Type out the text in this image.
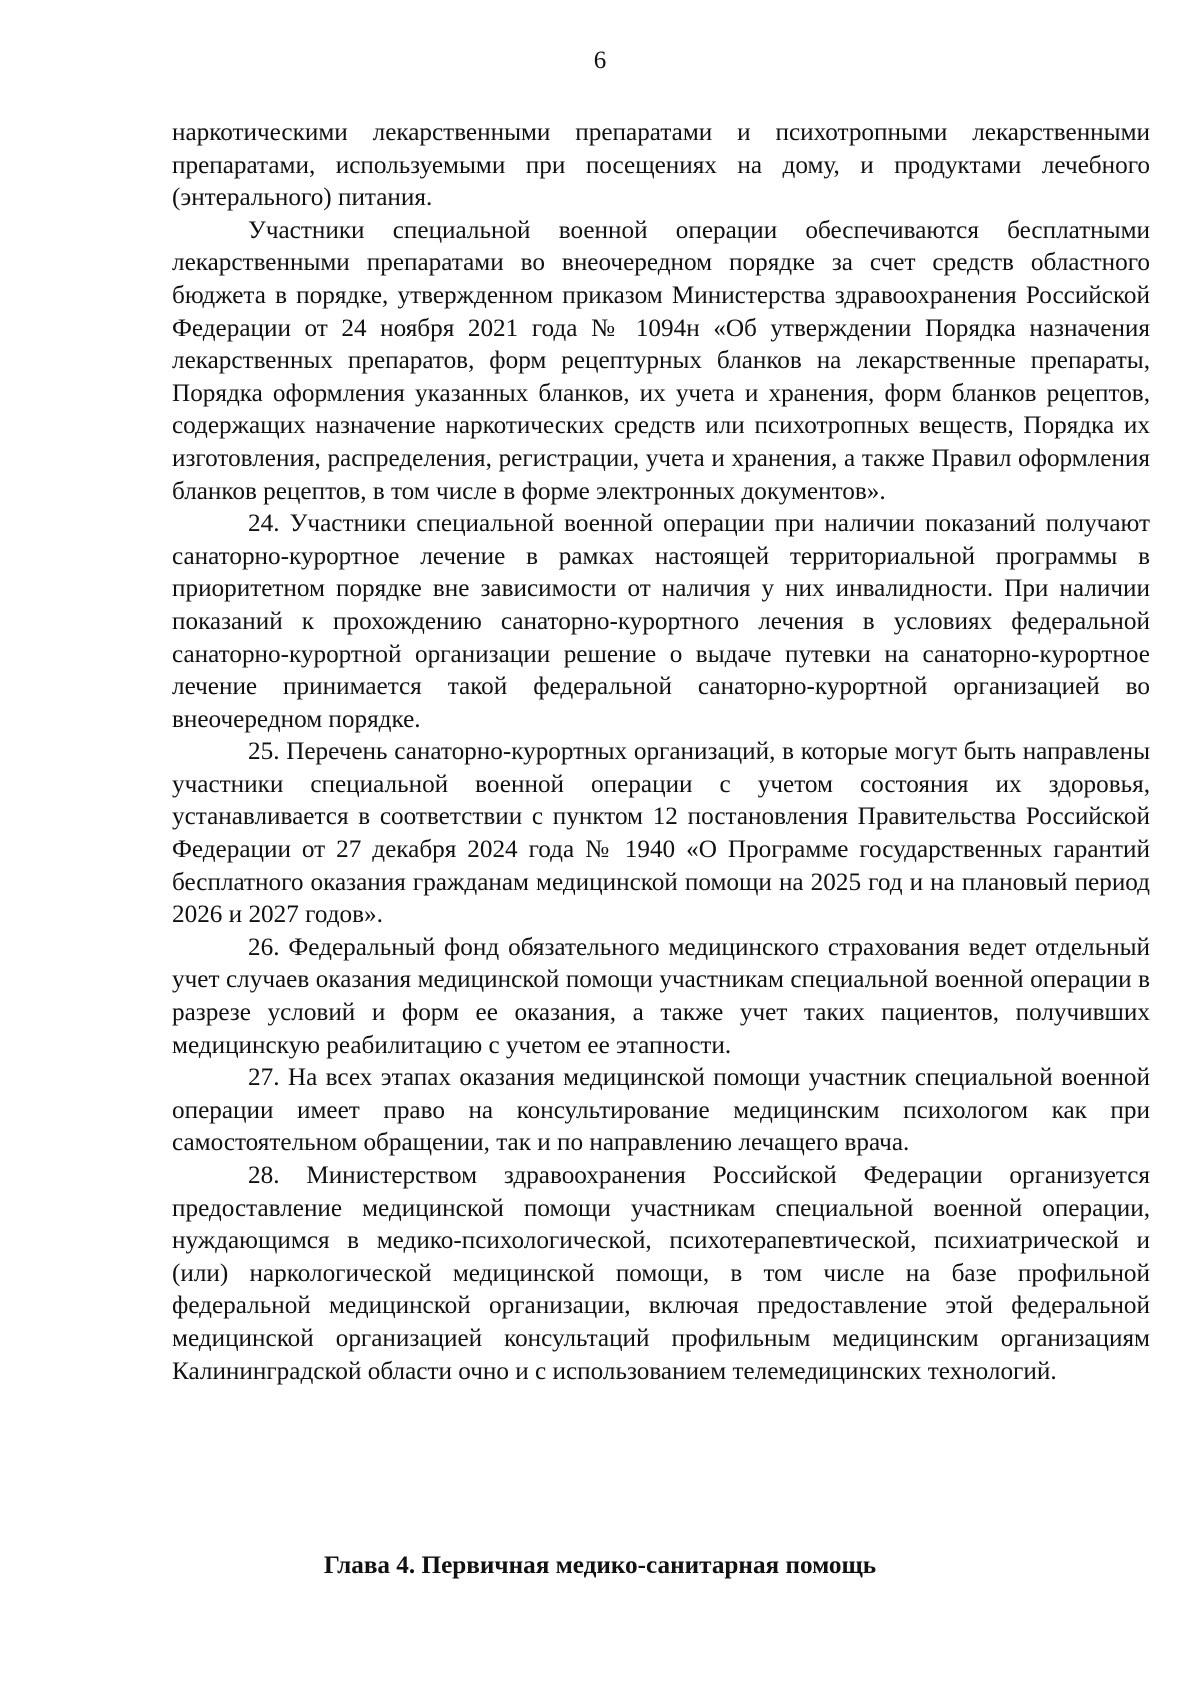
6

наркотическими лекарственными препаратами и психотропными лекарственными препаратами, используемыми при посещениях на дому, и продуктами лечебного (энтерального) питания.

Участники специальной военной операции обеспечиваются бесплатными лекарственными препаратами во внеочередном порядке за счет средств областного бюджета в порядке, утвержденном приказом Министерства здравоохранения Российской Федерации от 24 ноября 2021 года № 1094н «Об утверждении Порядка назначения лекарственных препаратов, форм рецептурных бланков на лекарственные препараты, Порядка оформления указанных бланков, их учета и хранения, форм бланков рецептов, содержащих назначение наркотических средств или психотропных веществ, Порядка их изготовления, распределения, регистрации, учета и хранения, а также Правил оформления бланков рецептов, в том числе в форме электронных документов».

24. Участники специальной военной операции при наличии показаний получают санаторно-курортное лечение в рамках настоящей территориальной программы в приоритетном порядке вне зависимости от наличия у них инвалидности. При наличии показаний к прохождению санаторно-курортного лечения в условиях федеральной санаторно-курортной организации решение о выдаче путевки на санаторно-курортное лечение принимается такой федеральной санаторно-курортной организацией во внеочередном порядке.

25. Перечень санаторно-курортных организаций, в которые могут быть направлены участники специальной военной операции с учетом состояния их здоровья, устанавливается в соответствии с пунктом 12 постановления Правительства Российской Федерации от 27 декабря 2024 года № 1940 «О Программе государственных гарантий бесплатного оказания гражданам медицинской помощи на 2025 год и на плановый период 2026 и 2027 годов».

26. Федеральный фонд обязательного медицинского страхования ведет отдельный учет случаев оказания медицинской помощи участникам специальной военной операции в разрезе условий и форм ее оказания, а также учет таких пациентов, получивших медицинскую реабилитацию с учетом ее этапности.

27. На всех этапах оказания медицинской помощи участник специальной военной операции имеет право на консультирование медицинским психологом как при самостоятельном обращении, так и по направлению лечащего врача.

28. Министерством здравоохранения Российской Федерации организуется предоставление медицинской помощи участникам специальной военной операции, нуждающимся в медико-психологической, психотерапевтической, психиатрической и (или) наркологической медицинской помощи, в том числе на базе профильной федеральной медицинской организации, включая предоставление этой федеральной медицинской организацией консультаций профильным медицинским организациям Калининградской области очно и с использованием телемедицинских технологий.

Глава 4. Первичная медико-санитарная помощь
